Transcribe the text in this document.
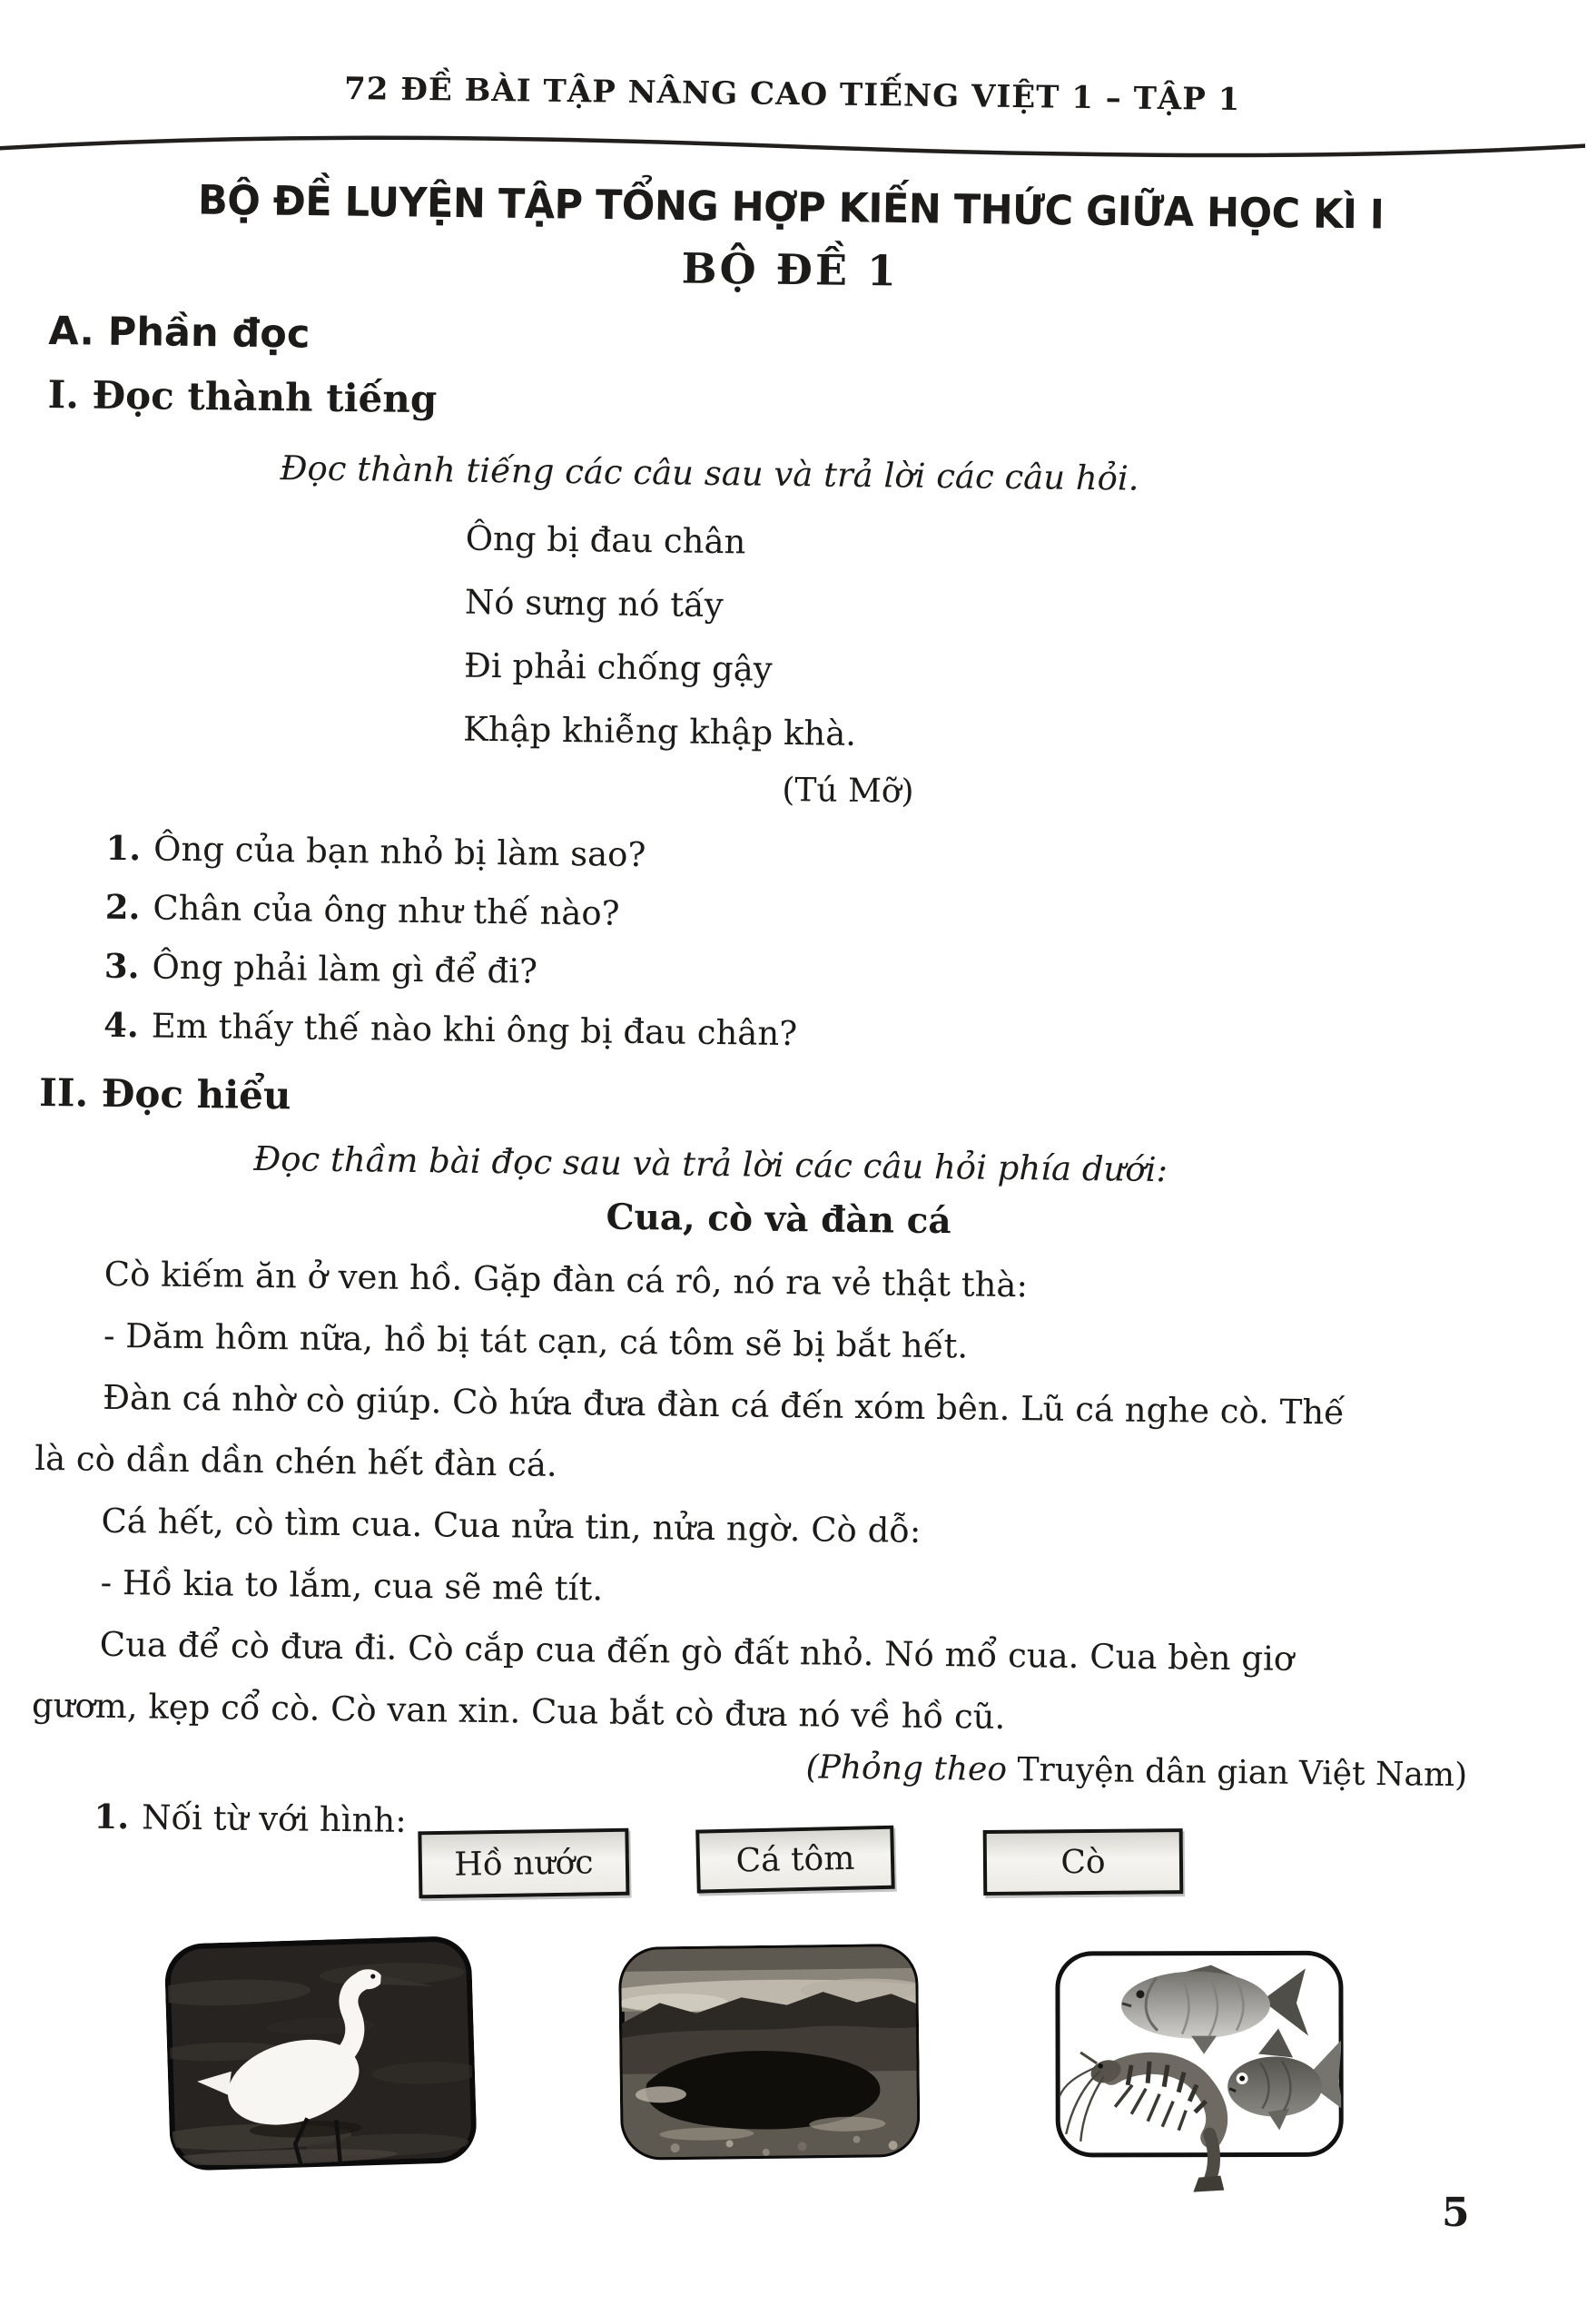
72 ĐỀ BÀI TẬP NÂNG CAO TIẾNG VIỆT 1 – TẬP 1
BỘ ĐỀ LUYỆN TẬP TỔNG HỢP KIẾN THỨC GIỮA HỌC KÌ I
BỘ ĐỀ 1
A. Phần đọc
I. Đọc thành tiếng
Đọc thành tiếng các câu sau và trả lời các câu hỏi.
Ông bị đau chân
Nó sưng nó tấy
Đi phải chống gậy
Khập khiễng khập khà.
(Tú Mỡ)
1. Ông của bạn nhỏ bị làm sao?
2. Chân của ông như thế nào?
3. Ông phải làm gì để đi?
4. Em thấy thế nào khi ông bị đau chân?
II. Đọc hiểu
Đọc thầm bài đọc sau và trả lời các câu hỏi phía dưới:
Cua, cò và đàn cá
Cò kiếm ăn ở ven hồ. Gặp đàn cá rô, nó ra vẻ thật thà:
- Dăm hôm nữa, hồ bị tát cạn, cá tôm sẽ bị bắt hết.
Đàn cá nhờ cò giúp. Cò hứa đưa đàn cá đến xóm bên. Lũ cá nghe cò. Thế
là cò dần dần chén hết đàn cá.
Cá hết, cò tìm cua. Cua nửa tin, nửa ngờ. Cò dỗ:
- Hồ kia to lắm, cua sẽ mê tít.
Cua để cò đưa đi. Cò cắp cua đến gò đất nhỏ. Nó mổ cua. Cua bèn giơ
gươm, kẹp cổ cò. Cò van xin. Cua bắt cò đưa nó về hồ cũ.
(Phỏng theo Truyện dân gian Việt Nam)
1. Nối từ với hình:
Hồ nước	Cá tôm	Cò
5
